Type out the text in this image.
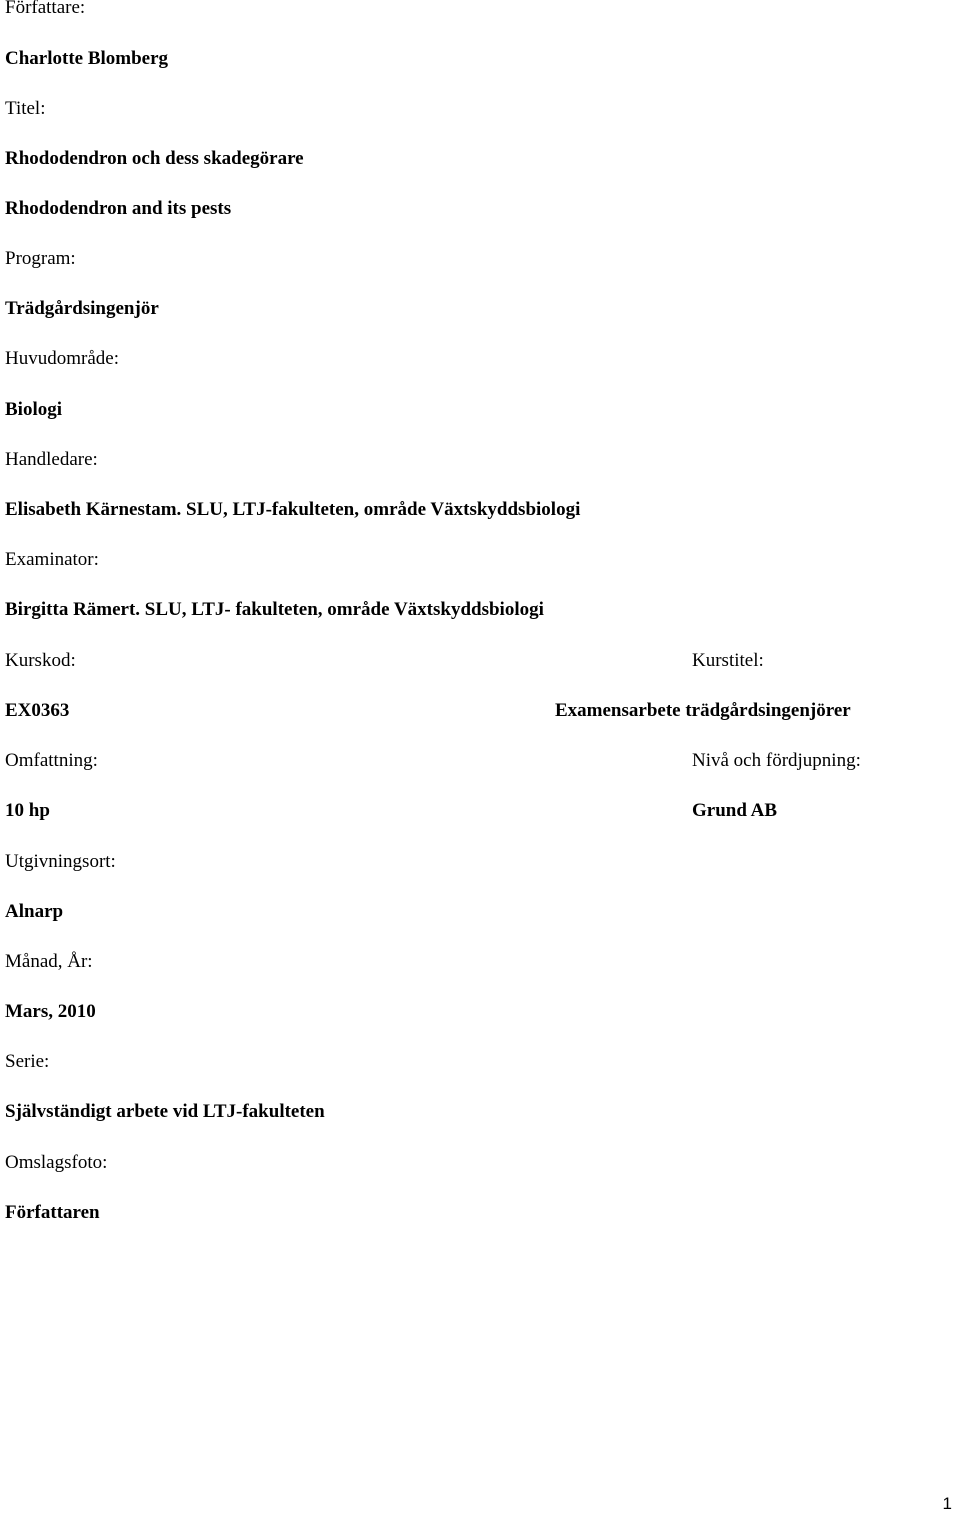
Författare:
Charlotte Blomberg
Titel:
Rhododendron och dess skadegörare
Rhododendron and its pests
Program:
Trädgårdsingenjör
Huvudområde:
Biologi
Handledare:
Elisabeth Kärnestam. SLU, LTJ-fakulteten, område Växtskyddsbiologi
Examinator:
Birgitta Rämert. SLU, LTJ- fakulteten, område Växtskyddsbiologi
Kurskod:	Kurstitel:
EX0363	Examensarbete trädgårdsingenjörer
Omfattning:	Nivå och fördjupning:
10 hp	Grund AB
Utgivningsort:
Alnarp
Månad, År:
Mars, 2010
Serie:
Självständigt arbete vid LTJ-fakulteten
Omslagsfoto:
Författaren
1
